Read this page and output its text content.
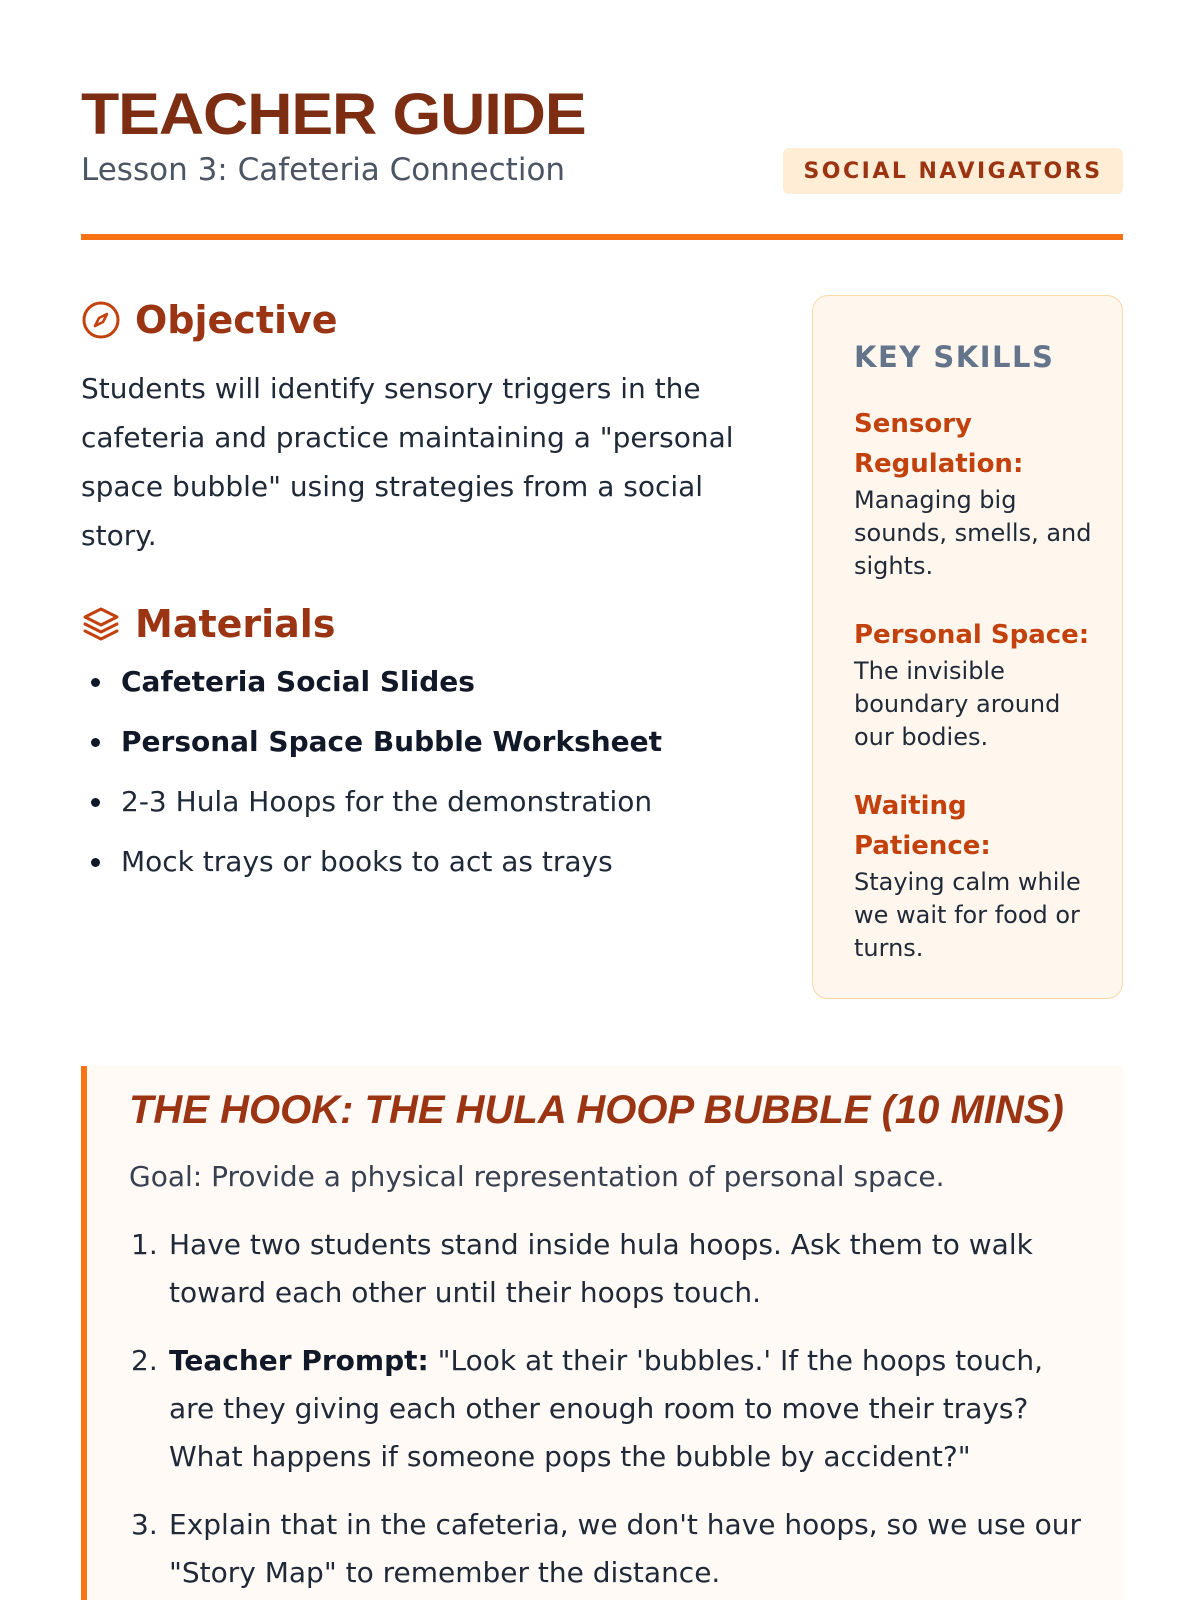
TEACHER GUIDE
Lesson 3: Cafeteria Connection	SOCIAL NAVIGATORS
Objective

Students will identify sensory triggers in the cafeteria and practice maintaining a "personal space bubble" using strategies from a social story.

Materials
Cafeteria Social Slides
Personal Space Bubble Worksheet
2-3 Hula Hoops for the demonstration
Mock trays or books to act as trays
KEY SKILLS
Sensory Regulation:
Managing big sounds, smells, and sights.
Personal Space:
The invisible boundary around our bodies.
Waiting Patience:
Staying calm while we wait for food or turns.
THE HOOK: THE HULA HOOP BUBBLE (10 MINS)

Goal: Provide a physical representation of personal space.

1. Have two students stand inside hula hoops. Ask them to walk toward each other until their hoops touch.
2. Teacher Prompt: "Look at their 'bubbles.' If the hoops touch, are they giving each other enough room to move their trays? What happens if someone pops the bubble by accident?"
3. Explain that in the cafeteria, we don't have hoops, so we use our "Story Map" to remember the distance.
